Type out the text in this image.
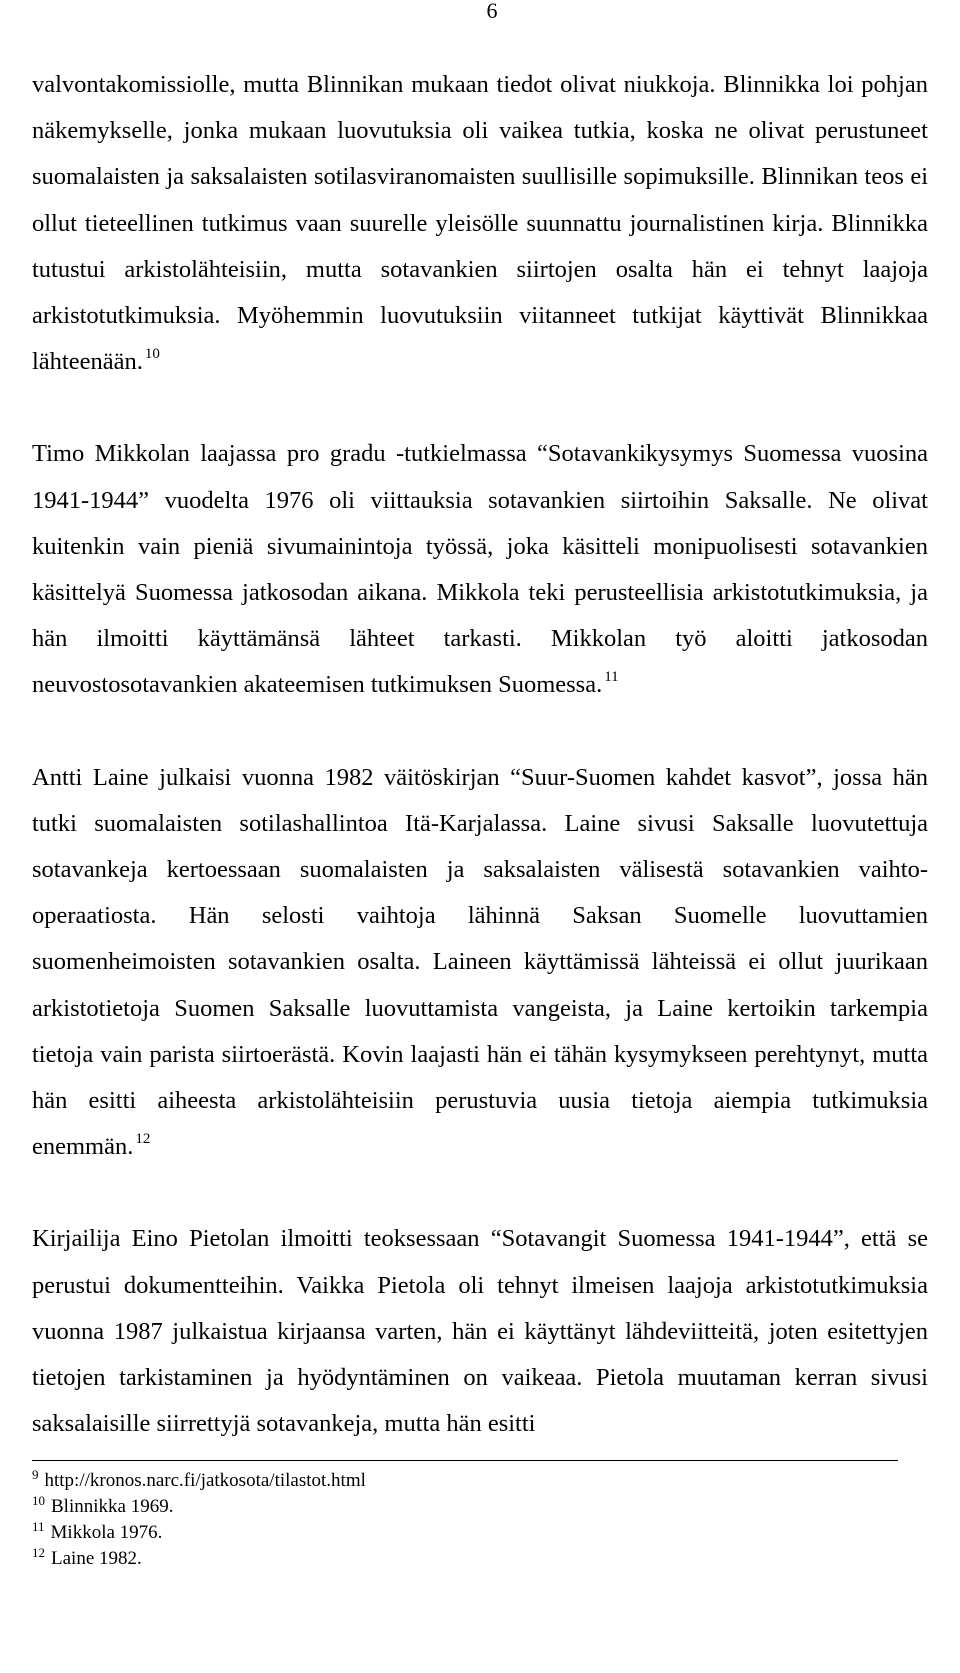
6

valvontakomissiolle, mutta Blinnikan mukaan tiedot olivat niukkoja. Blinnikka loi pohjan näkemykselle, jonka mukaan luovutuksia oli vaikea tutkia, koska ne olivat perustuneet suomalaisten ja saksalaisten sotilasviranomaisten suullisille sopimuksille. Blinnikan teos ei ollut tieteellinen tutkimus vaan suurelle yleisölle suunnattu journalistinen kirja. Blinnikka tutustui arkistolähteisiin, mutta sotavankien siirtojen osalta hän ei tehnyt laajoja arkistotutkimuksia. Myöhemmin luovutuksiin viitanneet tutkijat käyttivät Blinnikkaa lähteenään. $^{10}$

Timo Mikkolan laajassa pro gradu -tutkielmassa “Sotavankikysymys Suomessa vuosina 1941-1944” vuodelta 1976 oli viittauksia sotavankien siirtoihin Saksalle. Ne olivat kuitenkin vain pieniä sivumainintoja työssä, joka käsitteli monipuolisesti sotavankien käsittelyä Suomessa jatkosodan aikana. Mikkola teki perusteellisia arkistotutkimuksia, ja hän ilmoitti käyttämänsä lähteet tarkasti. Mikkolan työ aloitti jatkosodan neuvostosotavankien akateemisen tutkimuksen Suomessa. $^{11}$

Antti Laine julkaisi vuonna 1982 väitöskirjan “Suur-Suomen kahdet kasvot”, jossa hän tutki suomalaisten sotilashallintoa Itä-Karjalassa. Laine sivusi Saksalle luovutettuja sotavankeja kertoessaan suomalaisten ja saksalaisten välisestä sotavankien vaihto-operaatiosta. Hän selosti vaihtoja lähinnä Saksan Suomelle luovuttamien suomenheimoisten sotavankien osalta. Laineen käyttämissä lähteissä ei ollut juurikaan arkistotietoja Suomen Saksalle luovuttamista vangeista, ja Laine kertoikin tarkempia tietoja vain parista siirtoerästä. Kovin laajasti hän ei tähän kysymykseen perehtynyt, mutta hän esitti aiheesta arkistolähteisiin perustuvia uusia tietoja aiempia tutkimuksia enemmän. $^{12}$

Kirjailija Eino Pietolan ilmoitti teoksessaan “Sotavangit Suomessa 1941-1944”, että se perustui dokumentteihin. Vaikka Pietola oli tehnyt ilmeisen laajoja arkistotutkimuksia vuonna 1987 julkaistua kirjaansa varten, hän ei käyttänyt lähdeviitteitä, joten esitettyjen tietojen tarkistaminen ja hyödyntäminen on vaikeaa. Pietola muutaman kerran sivusi saksalaisille siirrettyjä sotavankeja, mutta hän esitti

$^9$ http://kronos.narc.fi/jatkosota/tilastot.html
$^{10}$ Blinnikka 1969.
$^{11}$ Mikkola 1976.
$^{12}$ Laine 1982.
